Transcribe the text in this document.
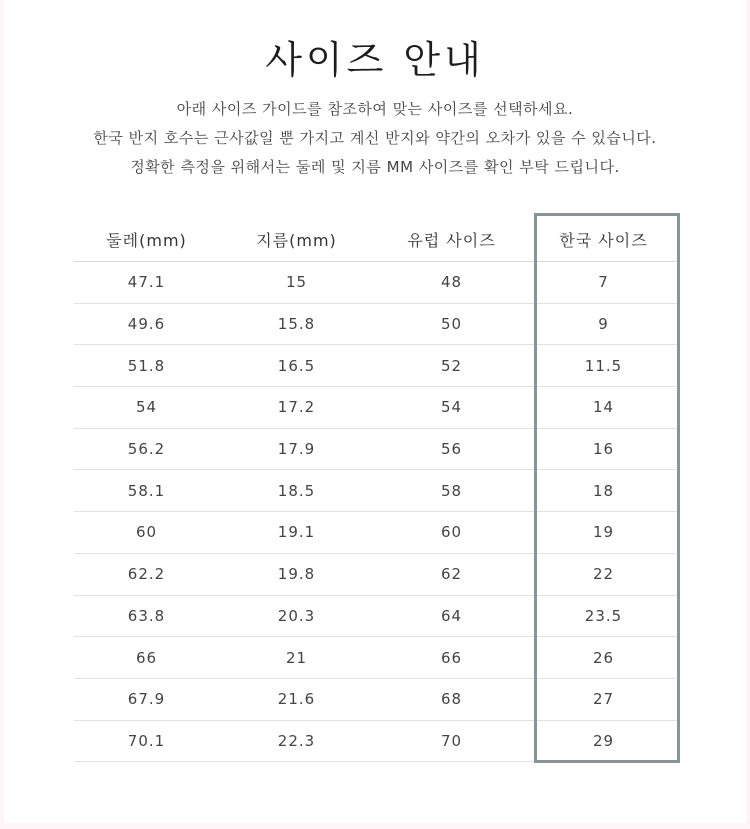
사이즈 안내

아래 사이즈 가이드를 참조하여 맞는 사이즈를 선택하세요.

한국 반지 호수는 근사값일 뿐 가지고 계신 반지와 약간의 오차가 있을 수 있습니다.

정확한 측정을 위해서는 둘레 및 지름 MM 사이즈를 확인 부탁 드립니다.

둘레(mm)	지름(mm)	유럽 사이즈	한국 사이즈
47.1	15	48	7
49.6	15.8	50	9
51.8	16.5	52	11.5
54	17.2	54	14
56.2	17.9	56	16
58.1	18.5	58	18
60	19.1	60	19
62.2	19.8	62	22
63.8	20.3	64	23.5
66	21	66	26
67.9	21.6	68	27
70.1	22.3	70	29
